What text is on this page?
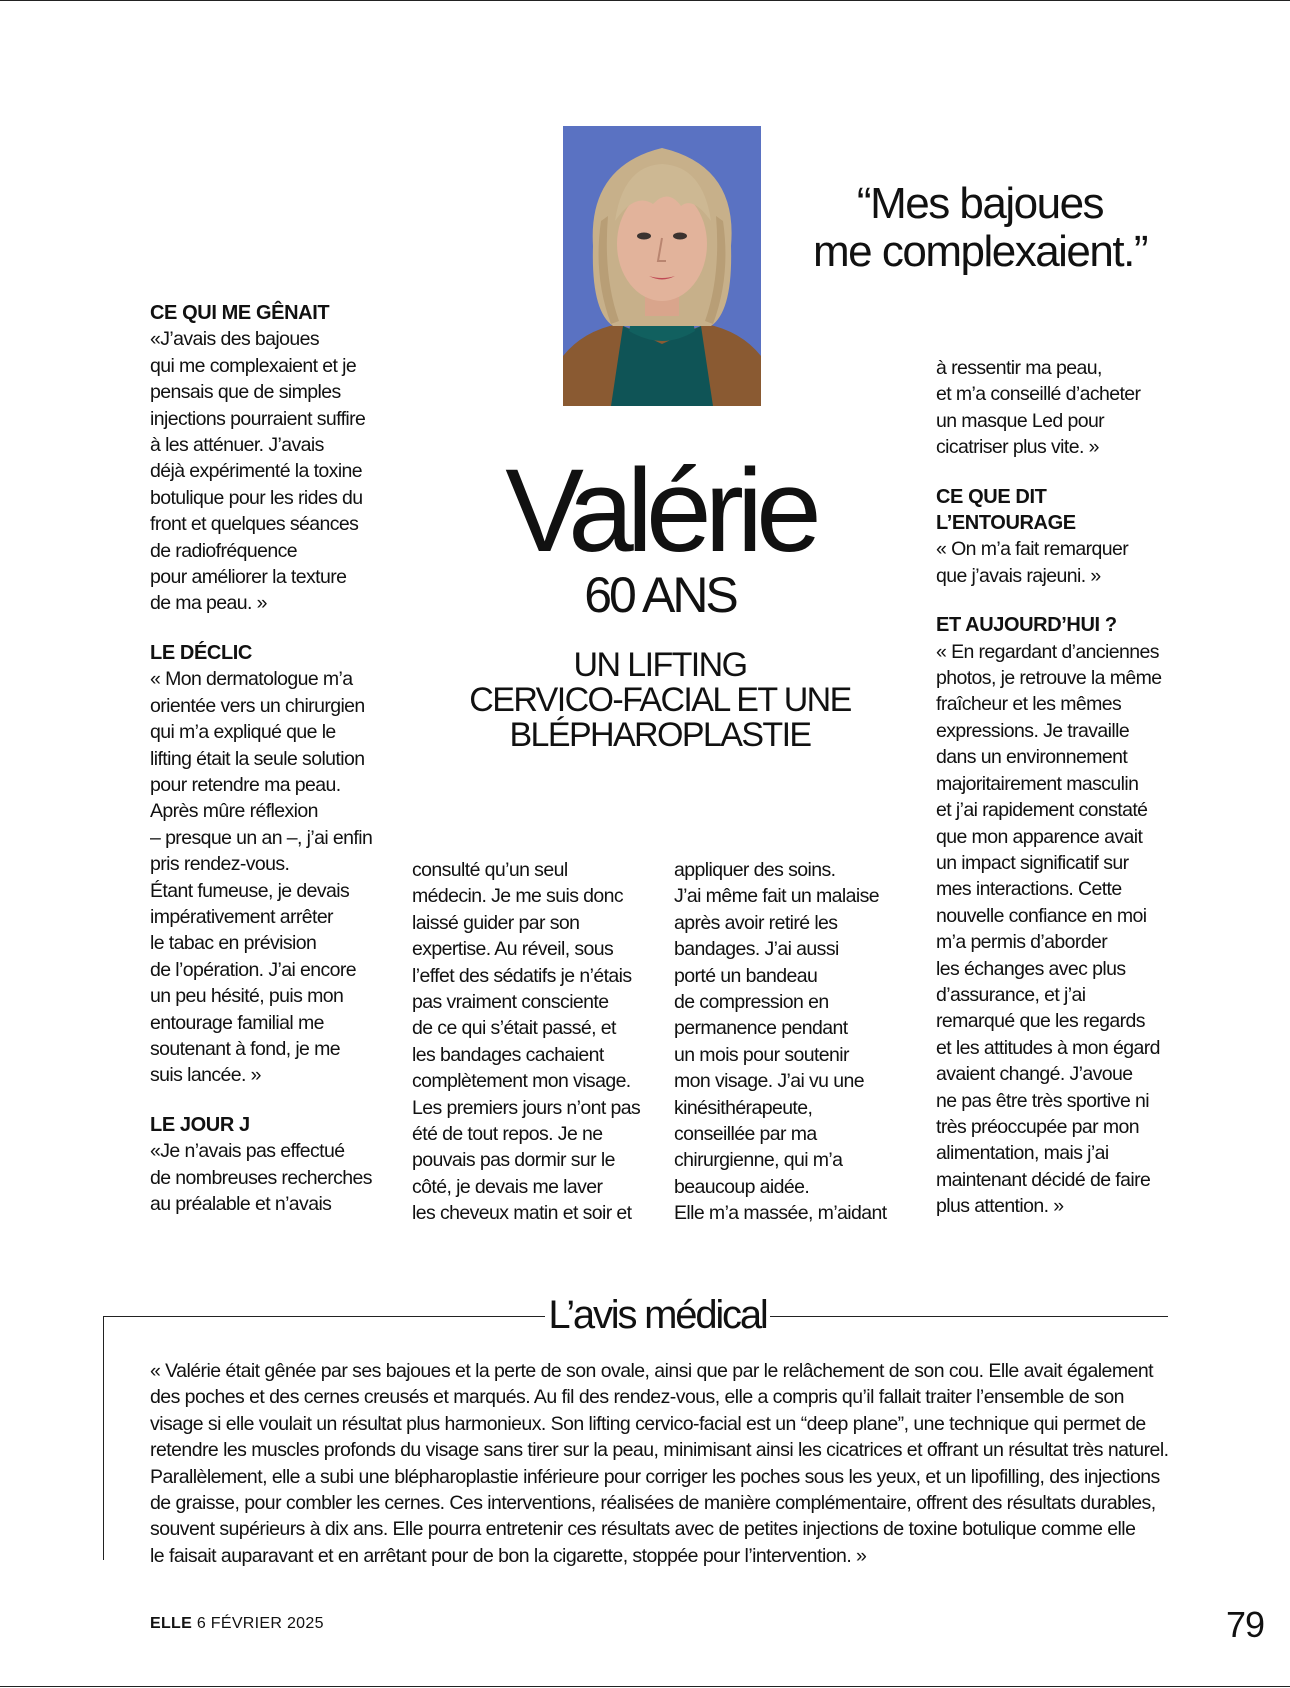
“Mes bajoues
me complexaient.”
Valérie
60 ANS
UN LIFTING
CERVICO-FACIAL ET UNE
BLÉPHAROPLASTIE
CE QUI ME GÊNAIT
«J’avais des bajoues
qui me complexaient et je
pensais que de simples
injections pourraient suffire
à les atténuer. J’avais
déjà expérimenté la toxine
botulique pour les rides du
front et quelques séances
de radiofréquence
pour améliorer la texture
de ma peau. »
LE DÉCLIC
« Mon dermatologue m’a
orientée vers un chirurgien
qui m’a expliqué que le
lifting était la seule solution
pour retendre ma peau.
Après mûre réflexion
– presque un an –, j’ai enfin
pris rendez-vous.
Étant fumeuse, je devais
impérativement arrêter
le tabac en prévision
de l’opération. J’ai encore
un peu hésité, puis mon
entourage familial me
soutenant à fond, je me
suis lancée. »
LE JOUR J
«Je n’avais pas effectué
de nombreuses recherches
au préalable et n’avais
consulté qu’un seul
médecin. Je me suis donc
laissé guider par son
expertise. Au réveil, sous
l’effet des sédatifs je n’étais
pas vraiment consciente
de ce qui s’était passé, et
les bandages cachaient
complètement mon visage.
Les premiers jours n’ont pas
été de tout repos. Je ne
pouvais pas dormir sur le
côté, je devais me laver
les cheveux matin et soir et
appliquer des soins.
J’ai même fait un malaise
après avoir retiré les
bandages. J’ai aussi
porté un bandeau
de compression en
permanence pendant
un mois pour soutenir
mon visage. J’ai vu une
kinésithérapeute,
conseillée par ma
chirurgienne, qui m’a
beaucoup aidée.
Elle m’a massée, m’aidant
à ressentir ma peau,
et m’a conseillé d’acheter
un masque Led pour
cicatriser plus vite. »
CE QUE DIT
L’ENTOURAGE
« On m’a fait remarquer
que j’avais rajeuni. »
ET AUJOURD’HUI ?
« En regardant d’anciennes
photos, je retrouve la même
fraîcheur et les mêmes
expressions. Je travaille
dans un environnement
majoritairement masculin
et j’ai rapidement constaté
que mon apparence avait
un impact significatif sur
mes interactions. Cette
nouvelle confiance en moi
m’a permis d’aborder
les échanges avec plus
d’assurance, et j’ai
remarqué que les regards
et les attitudes à mon égard
avaient changé. J’avoue
ne pas être très sportive ni
très préoccupée par mon
alimentation, mais j’ai
maintenant décidé de faire
plus attention. »
L’avis médical
« Valérie était gênée par ses bajoues et la perte de son ovale, ainsi que par le relâchement de son cou. Elle avait également
des poches et des cernes creusés et marqués. Au fil des rendez-vous, elle a compris qu’il fallait traiter l’ensemble de son
visage si elle voulait un résultat plus harmonieux. Son lifting cervico-facial est un “deep plane”, une technique qui permet de
retendre les muscles profonds du visage sans tirer sur la peau, minimisant ainsi les cicatrices et offrant un résultat très naturel.
Parallèlement, elle a subi une blépharoplastie inférieure pour corriger les poches sous les yeux, et un lipofilling, des injections
de graisse, pour combler les cernes. Ces interventions, réalisées de manière complémentaire, offrent des résultats durables,
souvent supérieurs à dix ans. Elle pourra entretenir ces résultats avec de petites injections de toxine botulique comme elle
le faisait auparavant et en arrêtant pour de bon la cigarette, stoppée pour l’intervention. »
ELLE 6 FÉVRIER 2025	79
